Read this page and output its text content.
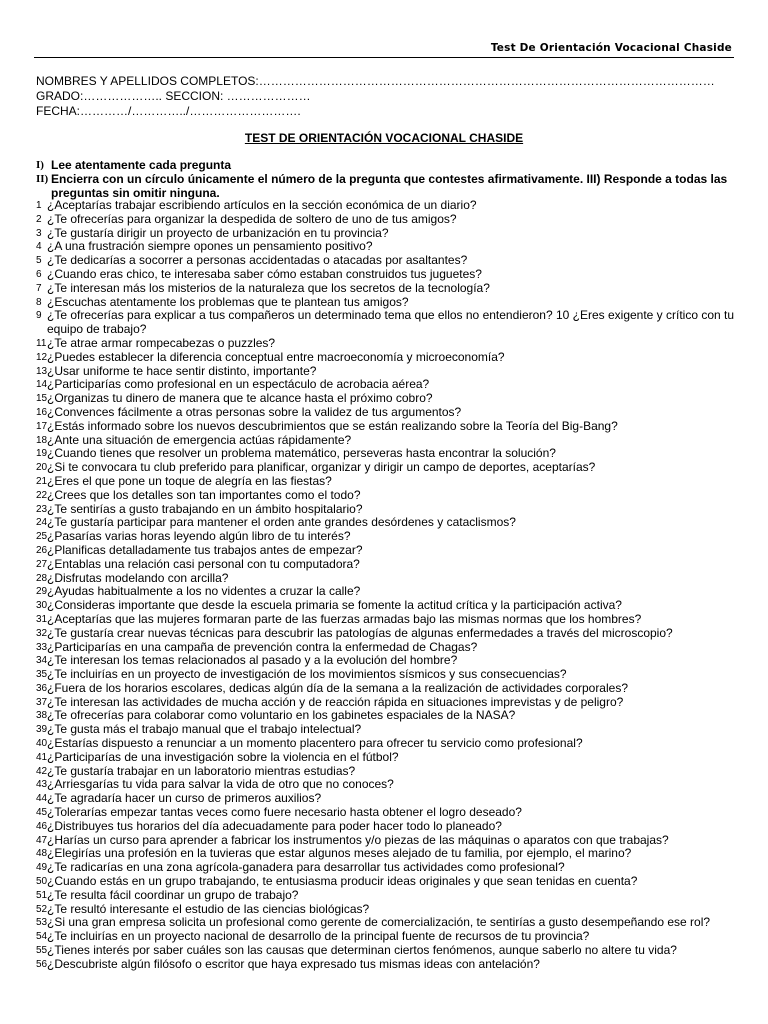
Test De Orientación Vocacional Chaside
NOMBRES Y APELLIDOS COMPLETOS:……………………………………………………………………………………………………
GRADO:……………….. SECCION: …………………
FECHA:…………/…………../……………………….
TEST DE ORIENTACIÓN VOCACIONAL CHASIDE
I) Lee atentamente cada pregunta
II) Encierra con un círculo únicamente el número de la pregunta que contestes afirmativamente. III) Responde a todas las preguntas sin omitir ninguna.
1 ¿Aceptarías trabajar escribiendo artículos en la sección económica de un diario?
2 ¿Te ofrecerías para organizar la despedida de soltero de uno de tus amigos?
3 ¿Te gustaría dirigir un proyecto de urbanización en tu provincia?
4 ¿A una frustración siempre opones un pensamiento positivo?
5 ¿Te dedicarías a socorrer a personas accidentadas o atacadas por asaltantes?
6 ¿Cuando eras chico, te interesaba saber cómo estaban construidos tus juguetes?
7 ¿Te interesan más los misterios de la naturaleza que los secretos de la tecnología?
8 ¿Escuchas atentamente los problemas que te plantean tus amigos?
9 ¿Te ofrecerías para explicar a tus compañeros un determinado tema que ellos no entendieron? 10 ¿Eres exigente y crítico con tu equipo de trabajo?
11 ¿Te atrae armar rompecabezas o puzzles?
12 ¿Puedes establecer la diferencia conceptual entre macroeconomía y microeconomía?
13 ¿Usar uniforme te hace sentir distinto, importante?
14 ¿Participarías como profesional en un espectáculo de acrobacia aérea?
15 ¿Organizas tu dinero de manera que te alcance hasta el próximo cobro?
16 ¿Convences fácilmente a otras personas sobre la validez de tus argumentos?
17 ¿Estás informado sobre los nuevos descubrimientos que se están realizando sobre la Teoría del Big-Bang?
18 ¿Ante una situación de emergencia actúas rápidamente?
19 ¿Cuando tienes que resolver un problema matemático, perseveras hasta encontrar la solución?
20 ¿Si te convocara tu club preferido para planificar, organizar y dirigir un campo de deportes, aceptarías?
21 ¿Eres el que pone un toque de alegría en las fiestas?
22 ¿Crees que los detalles son tan importantes como el todo?
23 ¿Te sentirías a gusto trabajando en un ámbito hospitalario?
24 ¿Te gustaría participar para mantener el orden ante grandes desórdenes y cataclismos?
25 ¿Pasarías varias horas leyendo algún libro de tu interés?
26 ¿Planificas detalladamente tus trabajos antes de empezar?
27 ¿Entablas una relación casi personal con tu computadora?
28 ¿Disfrutas modelando con arcilla?
29 ¿Ayudas habitualmente a los no videntes a cruzar la calle?
30 ¿Consideras importante que desde la escuela primaria se fomente la actitud crítica y la participación activa?
31 ¿Aceptarías que las mujeres formaran parte de las fuerzas armadas bajo las mismas normas que los hombres?
32 ¿Te gustaría crear nuevas técnicas para descubrir las patologías de algunas enfermedades a través del microscopio?
33 ¿Participarías en una campaña de prevención contra la enfermedad de Chagas?
34 ¿Te interesan los temas relacionados al pasado y a la evolución del hombre?
35 ¿Te incluirías en un proyecto de investigación de los movimientos sísmicos y sus consecuencias?
36 ¿Fuera de los horarios escolares, dedicas algún día de la semana a la realización de actividades corporales?
37 ¿Te interesan las actividades de mucha acción y de reacción rápida en situaciones imprevistas y de peligro?
38 ¿Te ofrecerías para colaborar como voluntario en los gabinetes espaciales de la NASA?
39 ¿Te gusta más el trabajo manual que el trabajo intelectual?
40 ¿Estarías dispuesto a renunciar a un momento placentero para ofrecer tu servicio como profesional?
41 ¿Participarías de una investigación sobre la violencia en el fútbol?
42 ¿Te gustaría trabajar en un laboratorio mientras estudias?
43 ¿Arriesgarías tu vida para salvar la vida de otro que no conoces?
44 ¿Te agradaría hacer un curso de primeros auxilios?
45 ¿Tolerarías empezar tantas veces como fuere necesario hasta obtener el logro deseado?
46 ¿Distribuyes tus horarios del día adecuadamente para poder hacer todo lo planeado?
47 ¿Harías un curso para aprender a fabricar los instrumentos y/o piezas de las máquinas o aparatos con que trabajas?
48 ¿Elegirías una profesión en la tuvieras que estar algunos meses alejado de tu familia, por ejemplo, el marino?
49 ¿Te radicarías en una zona agrícola-ganadera para desarrollar tus actividades como profesional?
50 ¿Cuando estás en un grupo trabajando, te entusiasma producir ideas originales y que sean tenidas en cuenta?
51 ¿Te resulta fácil coordinar un grupo de trabajo?
52 ¿Te resultó interesante el estudio de las ciencias biológicas?
53 ¿Si una gran empresa solicita un profesional como gerente de comercialización, te sentirías a gusto desempeñando ese rol?
54 ¿Te incluirías en un proyecto nacional de desarrollo de la principal fuente de recursos de tu provincia?
55 ¿Tienes interés por saber cuáles son las causas que determinan ciertos fenómenos, aunque saberlo no altere tu vida?
56 ¿Descubriste algún filósofo o escritor que haya expresado tus mismas ideas con antelación?
